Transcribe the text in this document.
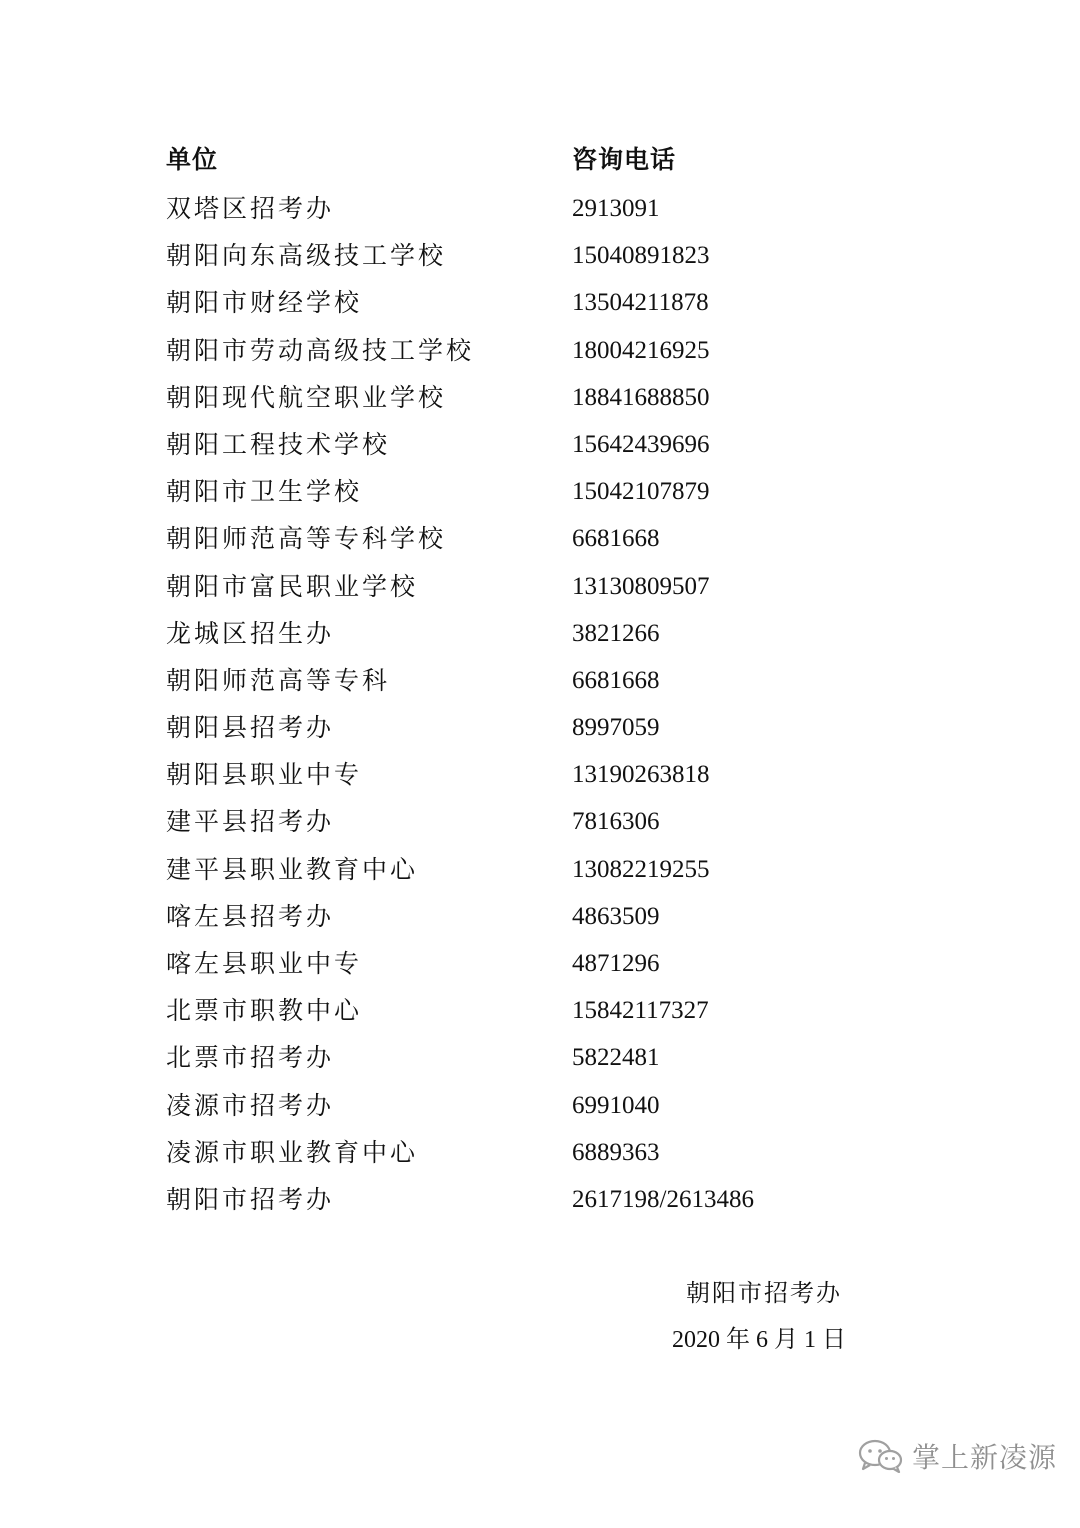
单位	咨询电话
双塔区招考办	2913091
朝阳向东高级技工学校	15040891823
朝阳市财经学校	13504211878
朝阳市劳动高级技工学校	18004216925
朝阳现代航空职业学校	18841688850
朝阳工程技术学校	15642439696
朝阳市卫生学校	15042107879
朝阳师范高等专科学校	6681668
朝阳市富民职业学校	13130809507
龙城区招生办	3821266
朝阳师范高等专科	6681668
朝阳县招考办	8997059
朝阳县职业中专	13190263818
建平县招考办	7816306
建平县职业教育中心	13082219255
喀左县招考办	4863509
喀左县职业中专	4871296
北票市职教中心	15842117327
北票市招考办	5822481
凌源市招考办	6991040
凌源市职业教育中心	6889363
朝阳市招考办	2617198/2613486
朝阳市招考办
2020 年 6 月 1 日
掌上新凌源
